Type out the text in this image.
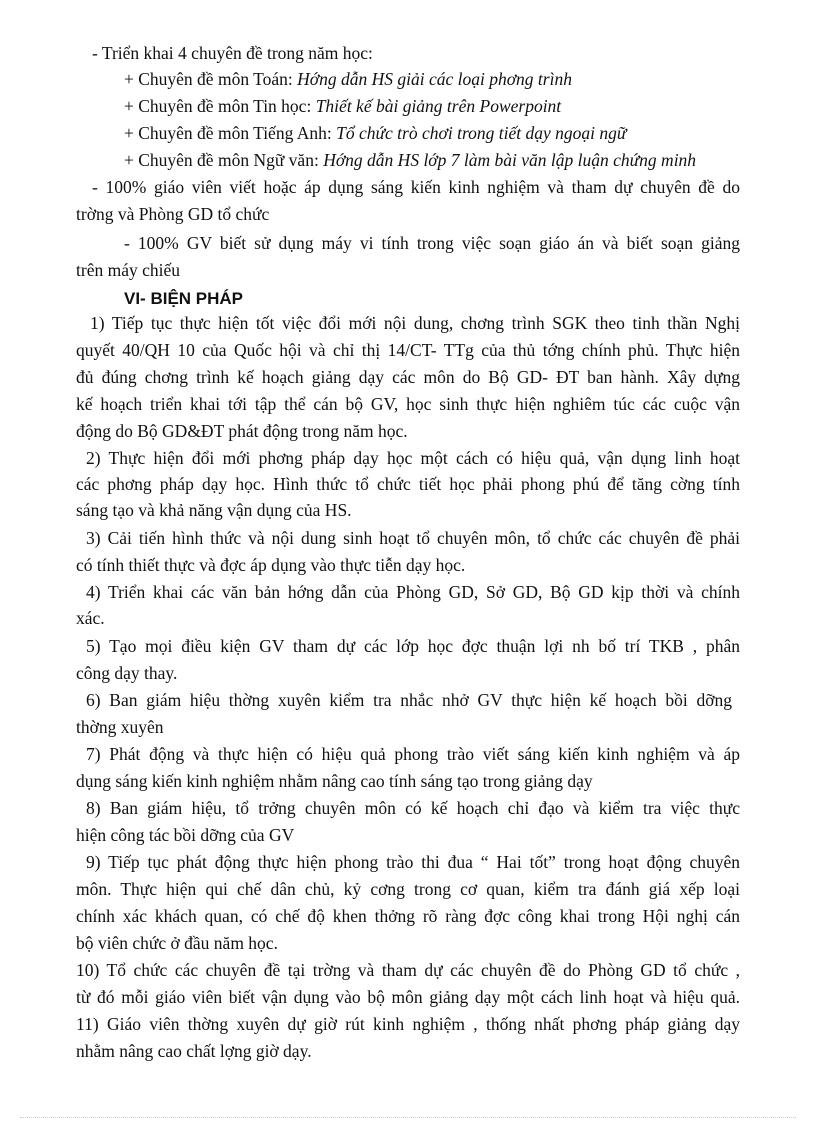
- Triển khai 4 chuyên đề trong năm học:
+ Chuyên đề môn Toán: Hớng dẫn HS giải các loại phơng trình
+ Chuyên đề môn Tin học: Thiết kế bài giảng trên Powerpoint
+ Chuyên đề môn Tiếng Anh: Tổ chức trò chơi trong tiết dạy ngoại ngữ
+ Chuyên đề môn Ngữ văn: Hớng dẫn HS lớp 7 làm bài văn lập luận chứng minh
- 100% giáo viên viết hoặc áp dụng sáng kiến kinh nghiệm và tham dự chuyên đề do
trờng và Phòng GD tổ chức
- 100% GV biết sử dụng máy vi tính trong việc soạn giáo án và biết soạn giảng
trên máy chiếu
VI- BIỆN PHÁP
1) Tiếp tục thực hiện tốt việc đổi mới nội dung, chơng trình SGK theo tinh thần Nghị
quyết 40/QH 10 của Quốc hội và chỉ thị 14/CT- TTg của thủ tớng chính phủ. Thực hiện
đủ đúng chơng trình kế hoạch giảng dạy các môn do Bộ GD- ĐT ban hành. Xây dựng
kế hoạch triển khai tới tập thể cán bộ GV, học sinh thực hiện nghiêm túc các cuộc vận
động do Bộ GD&ĐT phát động trong năm học.
2) Thực hiện đổi mới phơng pháp dạy học một cách có hiệu quả, vận dụng linh hoạt
các phơng pháp dạy học. Hình thức tổ chức tiết học phải phong phú để tăng cờng tính
sáng tạo và khả năng vận dụng của HS.
3) Cải tiến hình thức và nội dung sinh hoạt tổ chuyên môn, tổ chức các chuyên đề phải
có tính thiết thực và đợc áp dụng vào thực tiễn dạy học.
4) Triển khai các văn bản hớng dẫn của Phòng GD, Sở GD, Bộ GD kịp thời và chính
xác.
5) Tạo mọi điều kiện GV tham dự các lớp học đợc thuận lợi nh bố trí TKB , phân
công dạy thay.
6) Ban giám hiệu thờng xuyên kiểm tra nhắc nhở GV thực hiện kế hoạch bồi dỡng
thờng xuyên
7) Phát động và thực hiện có hiệu quả phong trào viết sáng kiến kinh nghiệm và áp
dụng sáng kiến kinh nghiệm nhằm nâng cao tính sáng tạo trong giảng dạy
8) Ban giám hiệu, tổ trởng chuyên môn có kế hoạch chỉ đạo và kiểm tra việc thực
hiện công tác bồi dỡng của GV
9) Tiếp tục phát động thực hiện phong trào thi đua “ Hai tốt” trong hoạt động chuyên
môn. Thực hiện qui chế dân chủ, kỷ cơng trong cơ quan, kiểm tra đánh giá xếp loại
chính xác khách quan, có chế độ khen thởng rõ ràng đợc công khai trong Hội nghị cán
bộ viên chức ở đầu năm học.
10) Tổ chức các chuyên đề tại trờng và tham dự các chuyên đề do Phòng GD tổ chức ,
từ đó mỗi giáo viên biết vận dụng vào bộ môn giảng dạy một cách linh hoạt và hiệu quả.
11) Giáo viên thờng xuyên dự giờ rút kinh nghiệm , thống nhất phơng pháp giảng dạy
nhằm nâng cao chất lợng giờ dạy.
